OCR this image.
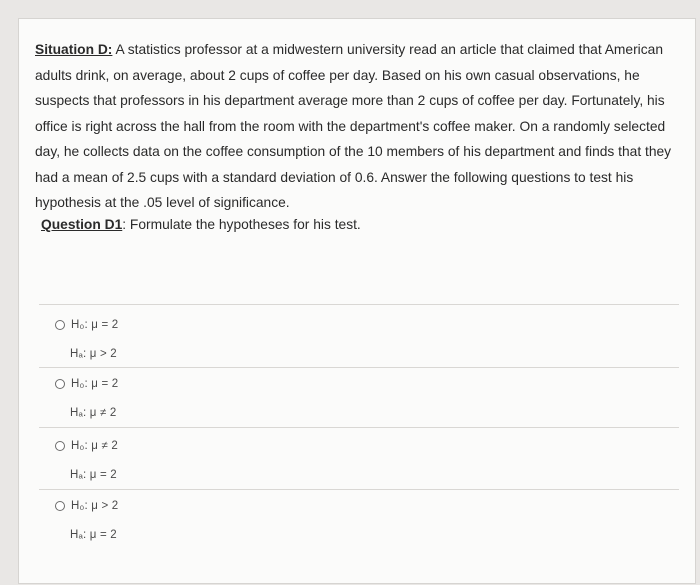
Situation D: A statistics professor at a midwestern university read an article that claimed that American adults drink, on average, about 2 cups of coffee per day. Based on his own casual observations, he suspects that professors in his department average more than 2 cups of coffee per day. Fortunately, his office is right across the hall from the room with the department's coffee maker. On a randomly selected day, he collects data on the coffee consumption of the 10 members of his department and finds that they had a mean of 2.5 cups with a standard deviation of 0.6. Answer the following questions to test his hypothesis at the .05 level of significance.
Question D1: Formulate the hypotheses for his test.
H₀: μ = 2
Hₐ: μ > 2
H₀: μ = 2
Hₐ: μ ≠ 2
H₀: μ ≠ 2
Hₐ: μ = 2
H₀: μ > 2
Hₐ: μ = 2
